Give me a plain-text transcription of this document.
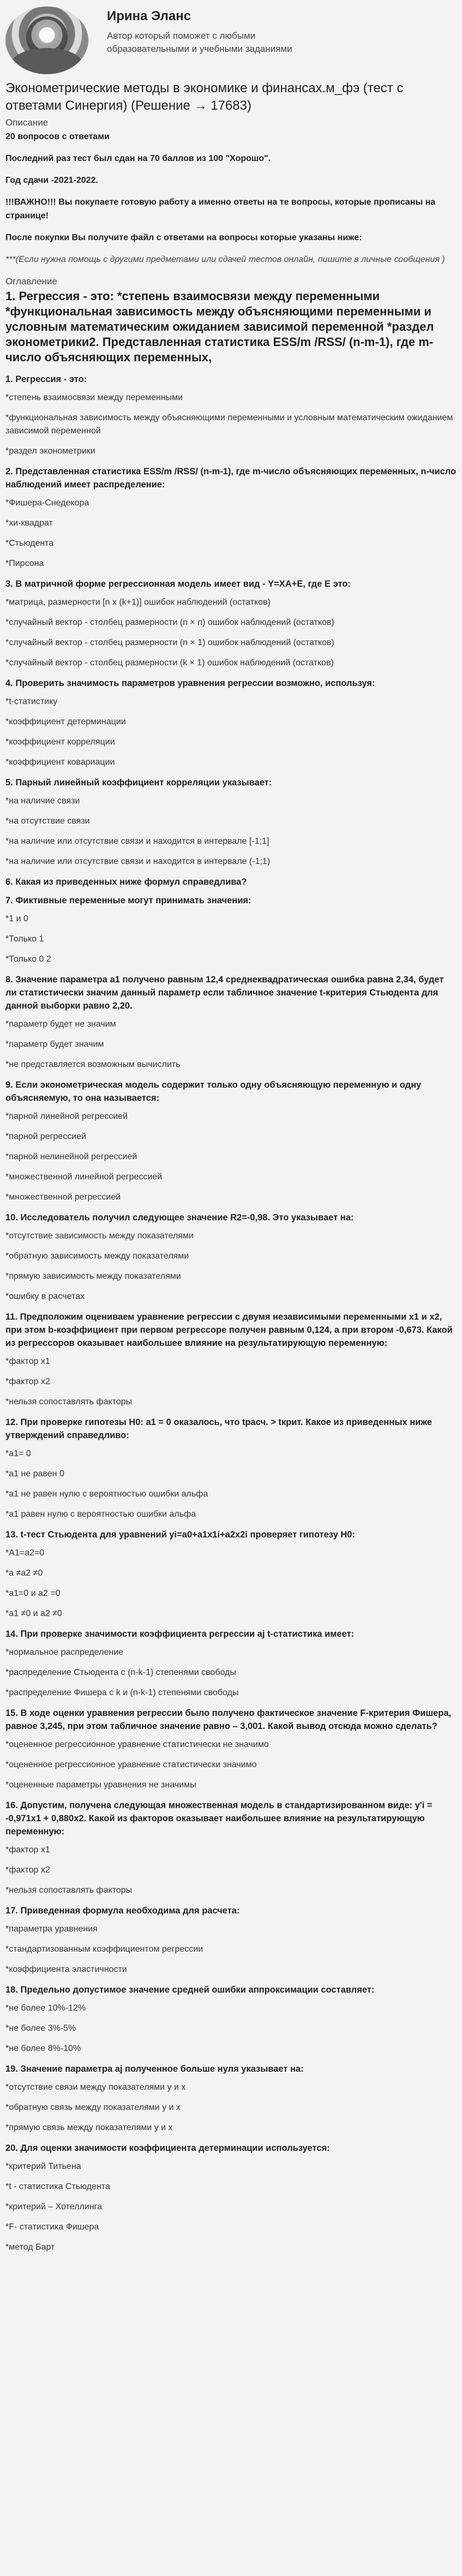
Ирина Эланс
Автор который поможет с любыми образовательными и учебными заданиями
Эконометрические методы в экономике и финансах.м_фэ (тест с ответами Синергия) (Решение → 17683)
Описание

20 вопросов с ответами

Последний раз тест был сдан на 70 баллов из 100 "Хорошо".

Год сдачи -2021-2022.

!!!ВАЖНО!!! Вы покупаете готовую работу а именно ответы на те вопросы, которые прописаны на странице!

После покупки Вы получите файл с ответами на вопросы которые указаны ниже:

***(Если нужна помощь с другими предметами или сдачей тестов онлайн, пишите в личные сообщения )

Оглавление

1. Регрессия - это: *степень взаимосвязи между переменными *функциональная зависимость между объясняющими переменными и условным математическим ожиданием зависимой переменной *раздел эконометрики2. Представленная статистика ESS/m /RSS/ (n-m-1), где m-число объясняющих переменных,

1. Регрессия - это:

*степень взаимосвязи между переменными

*функциональная зависимость между объясняющими переменными и условным математическим ожиданием зависимой переменной

*раздел эконометрики

2. Представленная статистика ESS/m /RSS/ (n-m-1), где m-число объясняющих переменных, n-число наблюдений имеет распределение:

*Фишера-Снедекора

*хи-квадрат

*Стьюдента

*Пирсона

3. В матричной форме регрессионная модель имеет вид - Y=XA+E, где E это:

*матрица, размерности [n x (k+1)] ошибок наблюдений (остатков)

*случайный вектор - столбец размерности (n × n) ошибок наблюдений (остатков)

*случайный вектор - столбец размерности (n × 1) ошибок наблюдений (остатков)

*случайный вектор - столбец размерности (k × 1) ошибок наблюдений (остатков)

4. Проверить значимость параметров уравнения регрессии возможно, используя:

*t-статистику

*коэффициент детерминации

*коэффициент корреляции

*коэффициент ковариации

5. Парный линейный коэффициент корреляции указывает:

*на наличие связи

*на отсутствие связи

*на наличие или отсутствие связи и находится в интервале [-1;1]

*на наличие или отсутствие связи и находится в интервале (-1;1)

6. Какая из приведенных ниже формул справедлива?

7. Фиктивные переменные могут принимать значения:

*1 и 0

*Только 1

*Только 0 2

8. Значение параметра a1 получено равным 12,4 среднеквадратическая ошибка равна 2,34, будет ли статистически значим данный параметр если табличное значение t-критерия Стьюдента для данной выборки равно 2,20.

*параметр будет не значим

*параметр будет значим

*не представляется возможным вычислить

9. Если эконометрическая модель содержит только одну объясняющую переменную и одну объясняемую, то она называется:

*парной линейной регрессией

*парной регрессией

*парной нелинейной регрессией

*множественной линейной регрессией

*множественной регрессией

10. Исследователь получил следующее значение R2=-0,98. Это указывает на:

*отсутствие зависимость между показателями

*обратную зависимость между показателями

*прямую зависимость между показателями

*ошибку в расчетах

11. Предположим оцениваем уравнение регрессии с двумя независимыми переменными x1 и x2, при этом b-коэффициент при первом регрессоре получен равным 0,124, а при втором -0,673. Какой из регрессоров оказывает наибольшее влияние на результатирующую переменную:

*фактор x1

*фактор x2

*нельзя сопоставлять факторы

12. При проверке гипотезы H0: a1 = 0 оказалось, что tрасч. > tкрит. Какое из приведенных ниже утверждений справедливо:

*a1= 0

*a1 не равен 0

*a1 не равен нулю с вероятностью ошибки альфа

*a1 равен нулю с вероятностью ошибки альфа

13. t-тест Стьюдента для уравнений yi=a0+a1x1i+a2x2i проверяет гипотезу H0:

*A1=a2=0

*a ≠a2 ≠0

*a1=0 и a2 =0

*a1 ≠0 и a2 ≠0

14. При проверке значимости коэффициента регрессии aj t-статистика имеет:

*нормальное распределение

*распределение Стьюдента с (n-k-1) степенями свободы

*распределение Фишера с k и (n-k-1) степенями свободы

15. В ходе оценки уравнения регрессии было получено фактическое значение F-критерия Фишера, равное 3,245, при этом табличное значение равно – 3,001. Какой вывод отсюда можно сделать?

*оцененное регрессионное уравнение статистически не значимо

*оцененное регрессионное уравнение статистически значимо

*оцененные параметры уравнения не значимы

16. Допустим, получена следующая множественная модель в стандартизированном виде: y'i = -0,971x1 + 0,880x2. Какой из факторов оказывает наибольшее влияние на результатирующую переменную:

*фактор x1

*фактор x2

*нельзя сопоставлять факторы

17. Приведенная формула необходима для расчета:

*параметра уравнения

*стандартизованным коэффициентом регрессии

*коэффициента эластичности

18. Предельно допустимое значение средней ошибки аппроксимации составляет:

*не более 10%-12%

*не более 3%-5%

*не более 8%-10%

19. Значение параметра aj полученное больше нуля указывает на:

*отсутствие связи между показателями y и x

*обратную связь между показателями y и x

*прямую связь между показателями y и x

20. Для оценки значимости коэффициента детерминации используется:

*критерий Титьена

*t - статистика Стьюдента

*критерий – Хотеллинга

*F- статистика Фишера

*метод Барт
